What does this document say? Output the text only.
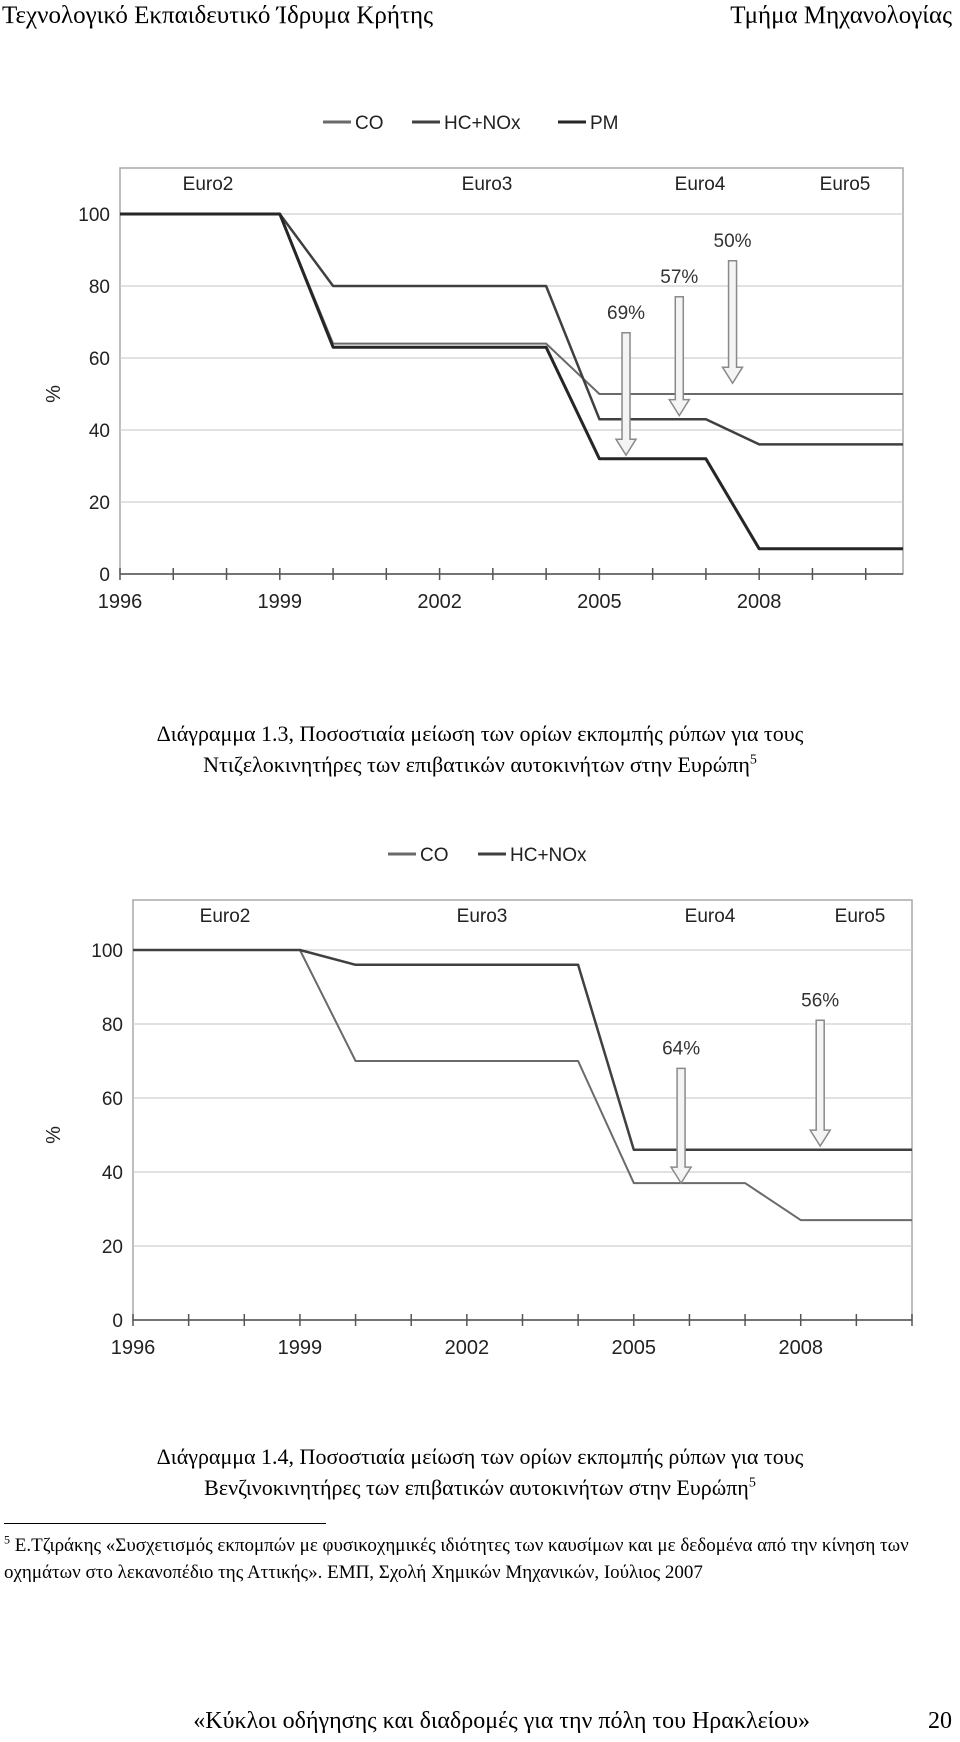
Τεχνολογικό Εκπαιδευτικό Ίδρυμα Κρήτης	Τμήμα Μηχανολογίας
0
20
40
60
80
100
%
1996	1999	2002	2005	2008
CO	HC+NOx	PM
Euro2	Euro3	Euro4	Euro5
69%
57%
50%
Διάγραμμα 1.3, Ποσοστιαία μείωση των ορίων εκπομπής ρύπων για τους
Ντιζελοκινητήρες των επιβατικών αυτοκινήτων στην Ευρώπη$^5$
0
20
40
60
80
100
%
1996	1999	2002	2005	2008
CO	HC+NOx
Euro2	Euro3	Euro4	Euro5
64%
56%
Διάγραμμα 1.4, Ποσοστιαία μείωση των ορίων εκπομπής ρύπων για τους
Βενζινοκινητήρες των επιβατικών αυτοκινήτων στην Ευρώπη$^5$
$^5$ Ε.Τζιράκης «Συσχετισμός εκπομπών με φυσικοχημικές ιδιότητες των καυσίμων και με δεδομένα από την κίνηση των οχημάτων στο λεκανοπέδιο της Αττικής». ΕΜΠ, Σχολή Χημικών Μηχανικών, Ιούλιος 2007
«Κύκλοι οδήγησης και διαδρομές για την πόλη του Ηρακλείου»	20
